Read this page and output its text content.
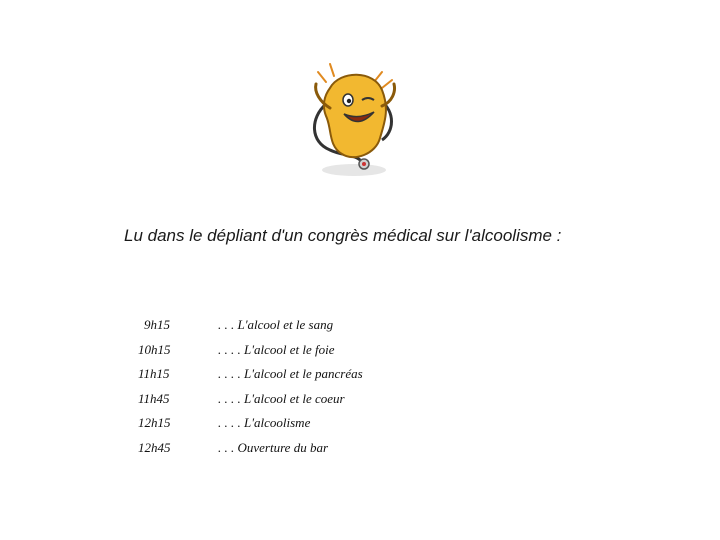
Lu dans le dépliant d'un congrès médical sur l'alcoolisme :
9h15	. . . L'alcool et le sang
10h15	. . . . L'alcool et le foie
11h15	. . . . L'alcool et le pancréas
11h45	. . . . L'alcool et le coeur
12h15	. . . . L'alcoolisme
12h45	. . . Ouverture du bar
